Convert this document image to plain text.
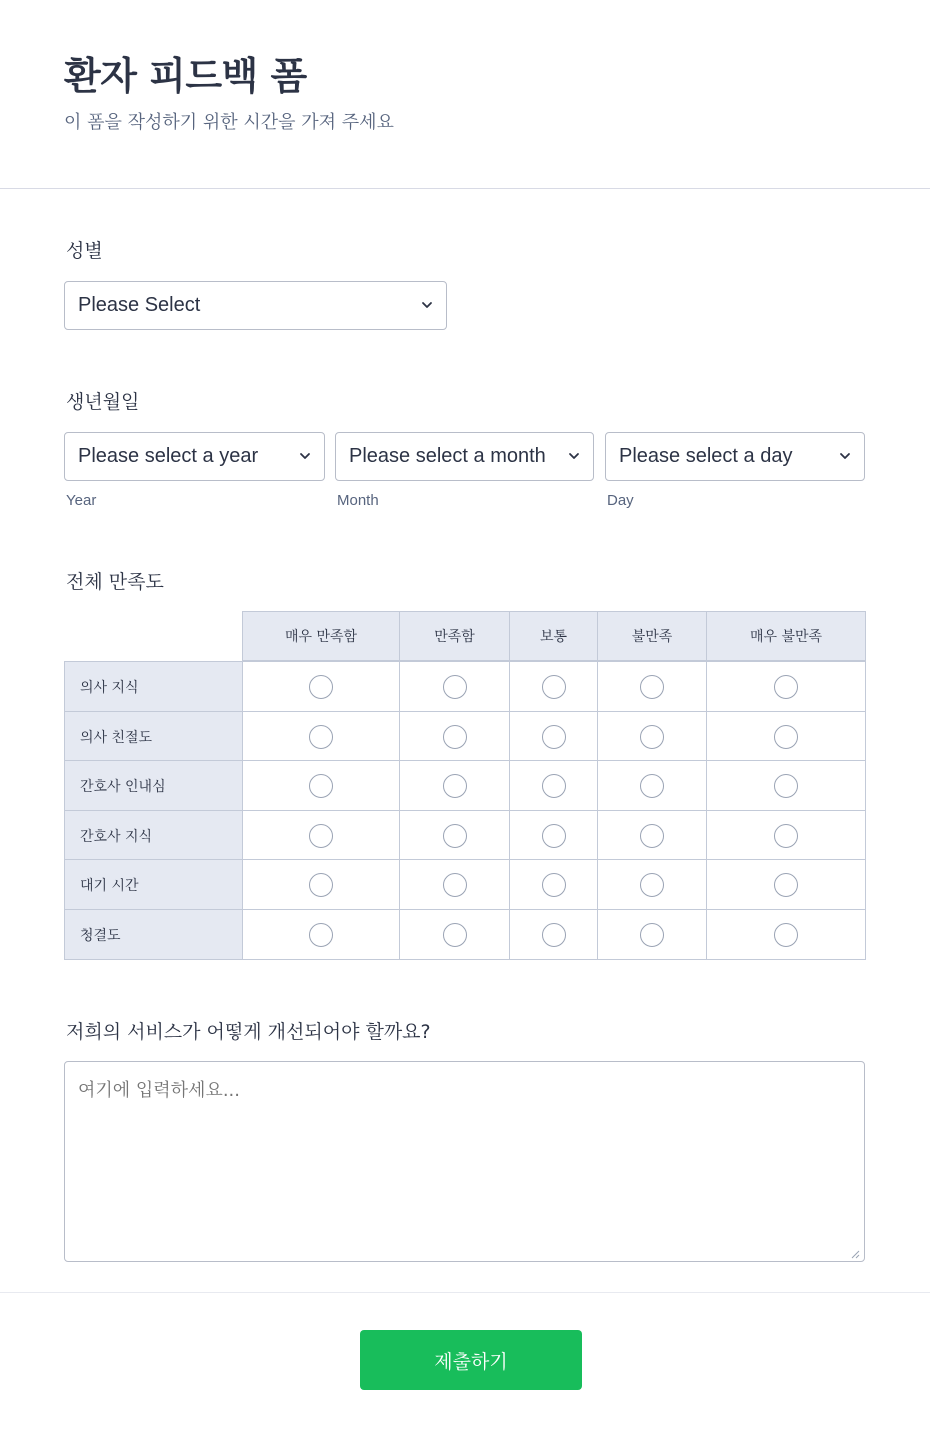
환자 피드백 폼
이 폼을 작성하기 위한 시간을 가져 주세요
성별
Please Select
생년월일
Please select a year	Please select a month	Please select a day
Year	Month	Day
전체 만족도
매우 만족함	만족함	보통	불만족	매우 불만족
의사 지식
의사 친절도
간호사 인내심
간호사 지식
대기 시간
청결도
저희의 서비스가 어떻게 개선되어야 할까요?
여기에 입력하세요...
제출하기
